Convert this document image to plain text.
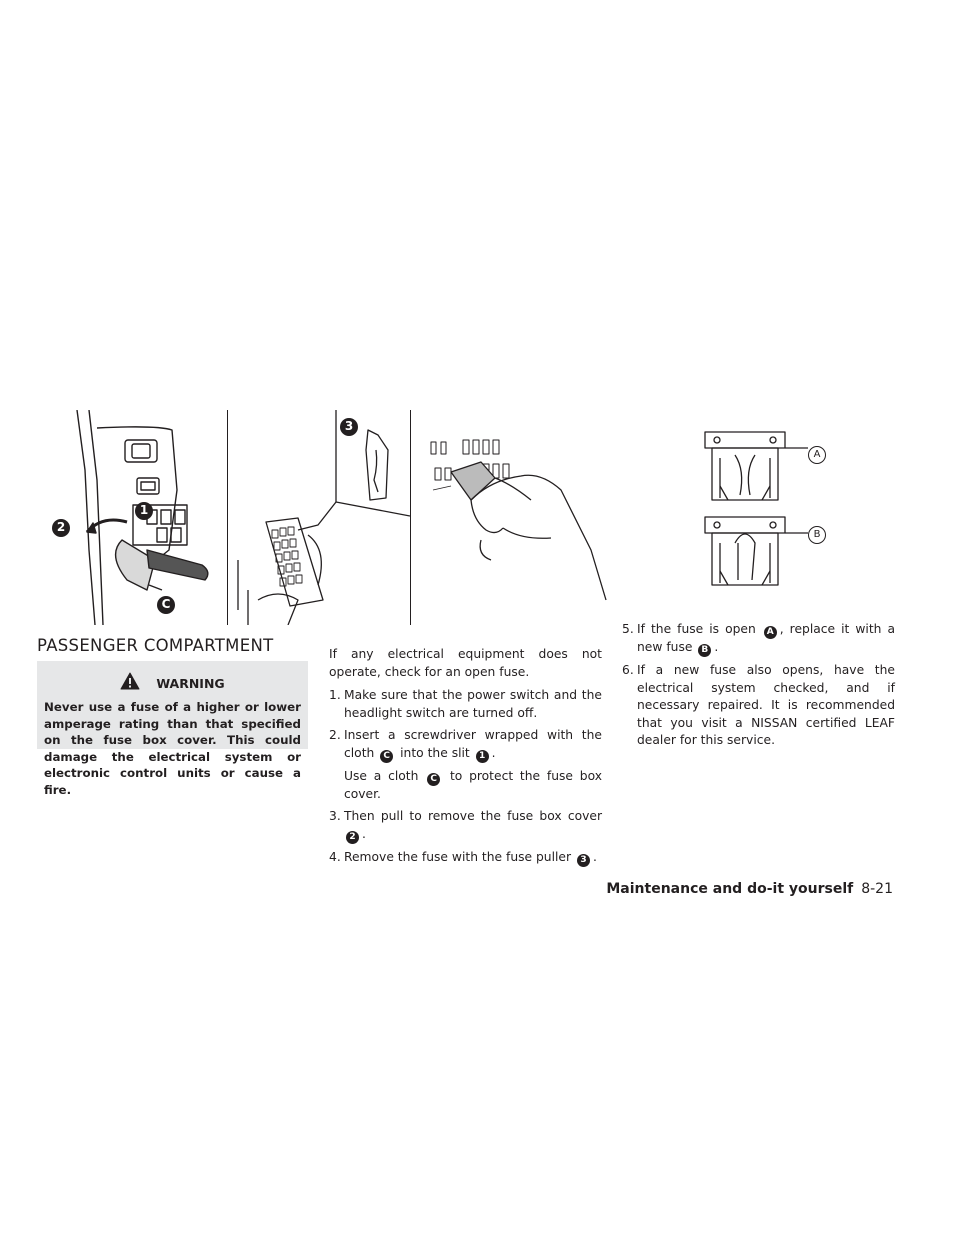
2
1
C
3
A
B
PASSENGER COMPARTMENT
WARNING
Never use a fuse of a higher or lower amperage rating than that specified on the fuse box cover. This could damage the electrical system or electronic control units or cause a fire.

If any electrical equipment does not operate, check for an open fuse.

1. Make sure that the power switch and the headlight switch are turned off.
2. Insert a screwdriver wrapped with the cloth C into the slit 1 .
Use a cloth C to protect the fuse box cover.
3. Then pull to remove the fuse box cover 2 .
4. Remove the fuse with the fuse puller 3 .
5. If the fuse is open A , replace it with a new fuse B .
6. If a new fuse also opens, have the electrical system checked, and if necessary repaired. It is recommended that you visit a NISSAN certified LEAF dealer for this service.
Maintenance and do-it yourself 8-21
